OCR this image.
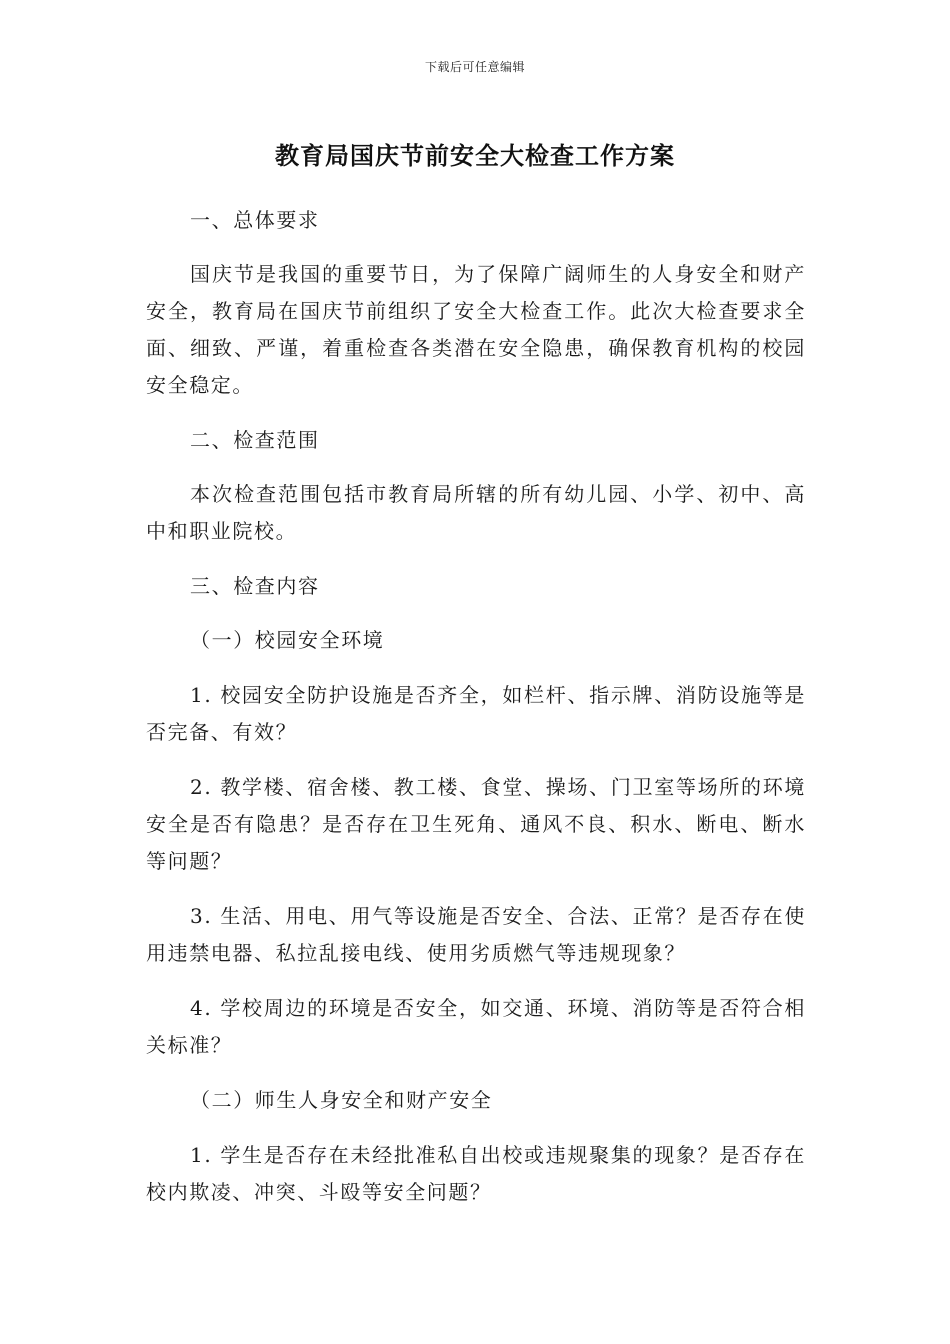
下载后可任意编辑
教育局国庆节前安全大检查工作方案

一、总体要求

国庆节是我国的重要节日，为了保障广阔师生的人身安全和财产安全，教育局在国庆节前组织了安全大检查工作。此次大检查要求全面、细致、严谨，着重检查各类潜在安全隐患，确保教育机构的校园安全稳定。

二、检查范围

本次检查范围包括市教育局所辖的所有幼儿园、小学、初中、高中和职业院校。

三、检查内容

（一）校园安全环境

1. 校园安全防护设施是否齐全，如栏杆、指示牌、消防设施等是否完备、有效？

2. 教学楼、宿舍楼、教工楼、食堂、操场、门卫室等场所的环境安全是否有隐患？是否存在卫生死角、通风不良、积水、断电、断水等问题？

3. 生活、用电、用气等设施是否安全、合法、正常？是否存在使用违禁电器、私拉乱接电线、使用劣质燃气等违规现象？

4. 学校周边的环境是否安全，如交通、环境、消防等是否符合相关标准？

（二）师生人身安全和财产安全

1. 学生是否存在未经批准私自出校或违规聚集的现象？是否存在校内欺凌、冲突、斗殴等安全问题？
